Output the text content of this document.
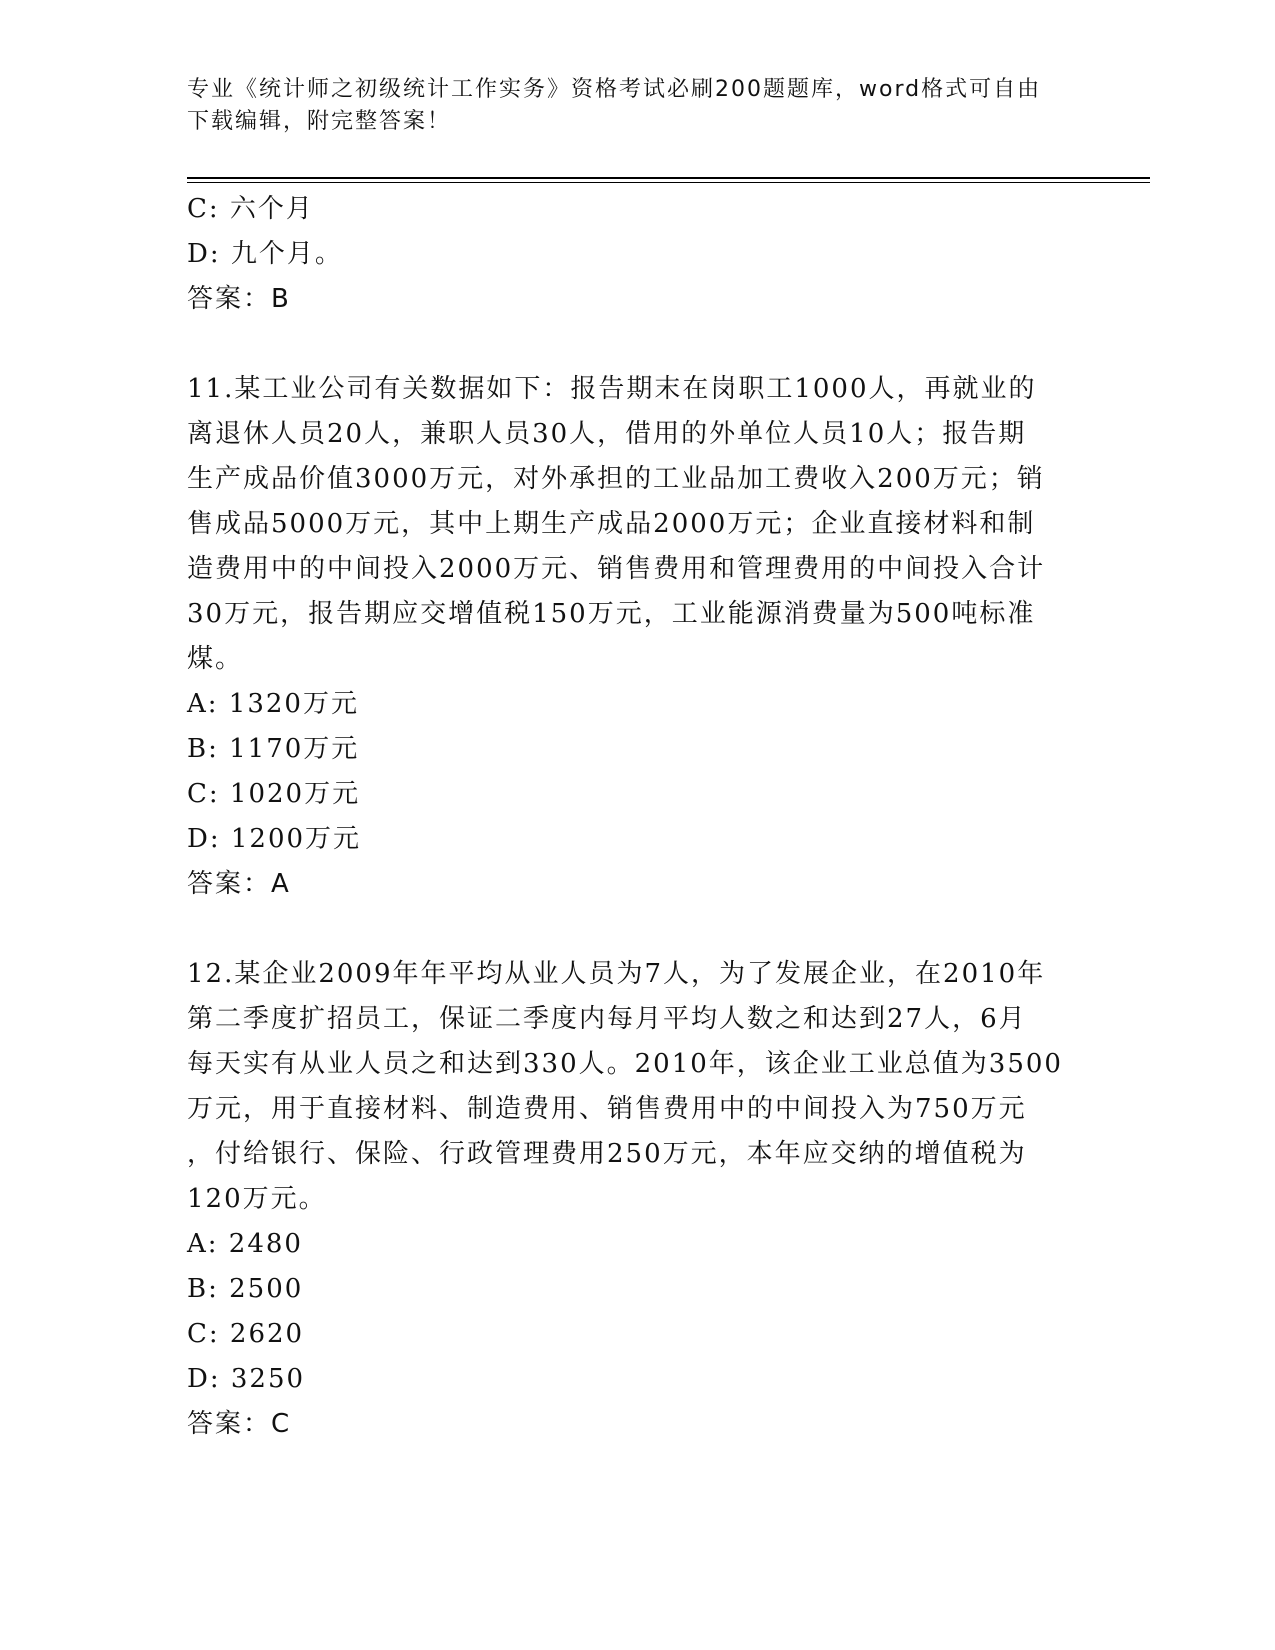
专业《统计师之初级统计工作实务》资格考试必刷200题题库，word格式可自由
下载编辑，附完整答案！

C: 六个月

D: 九个月。

答案：B

11.某工业公司有关数据如下：报告期末在岗职工1000人，再就业的

离退休人员20人，兼职人员30人，借用的外单位人员10人；报告期

生产成品价值3000万元，对外承担的工业品加工费收入200万元；销

售成品5000万元，其中上期生产成品2000万元；企业直接材料和制

造费用中的中间投入2000万元、销售费用和管理费用的中间投入合计

30万元，报告期应交增值税150万元，工业能源消费量为500吨标准

煤。

A: 1320万元

B: 1170万元

C: 1020万元

D: 1200万元

答案：A

12.某企业2009年年平均从业人员为7人，为了发展企业，在2010年

第二季度扩招员工，保证二季度内每月平均人数之和达到27人，6月

每天实有从业人员之和达到330人。2010年，该企业工业总值为3500

万元，用于直接材料、制造费用、销售费用中的中间投入为750万元

，付给银行、保险、行政管理费用250万元，本年应交纳的增值税为

120万元。

A: 2480

B: 2500

C: 2620

D: 3250

答案：C
